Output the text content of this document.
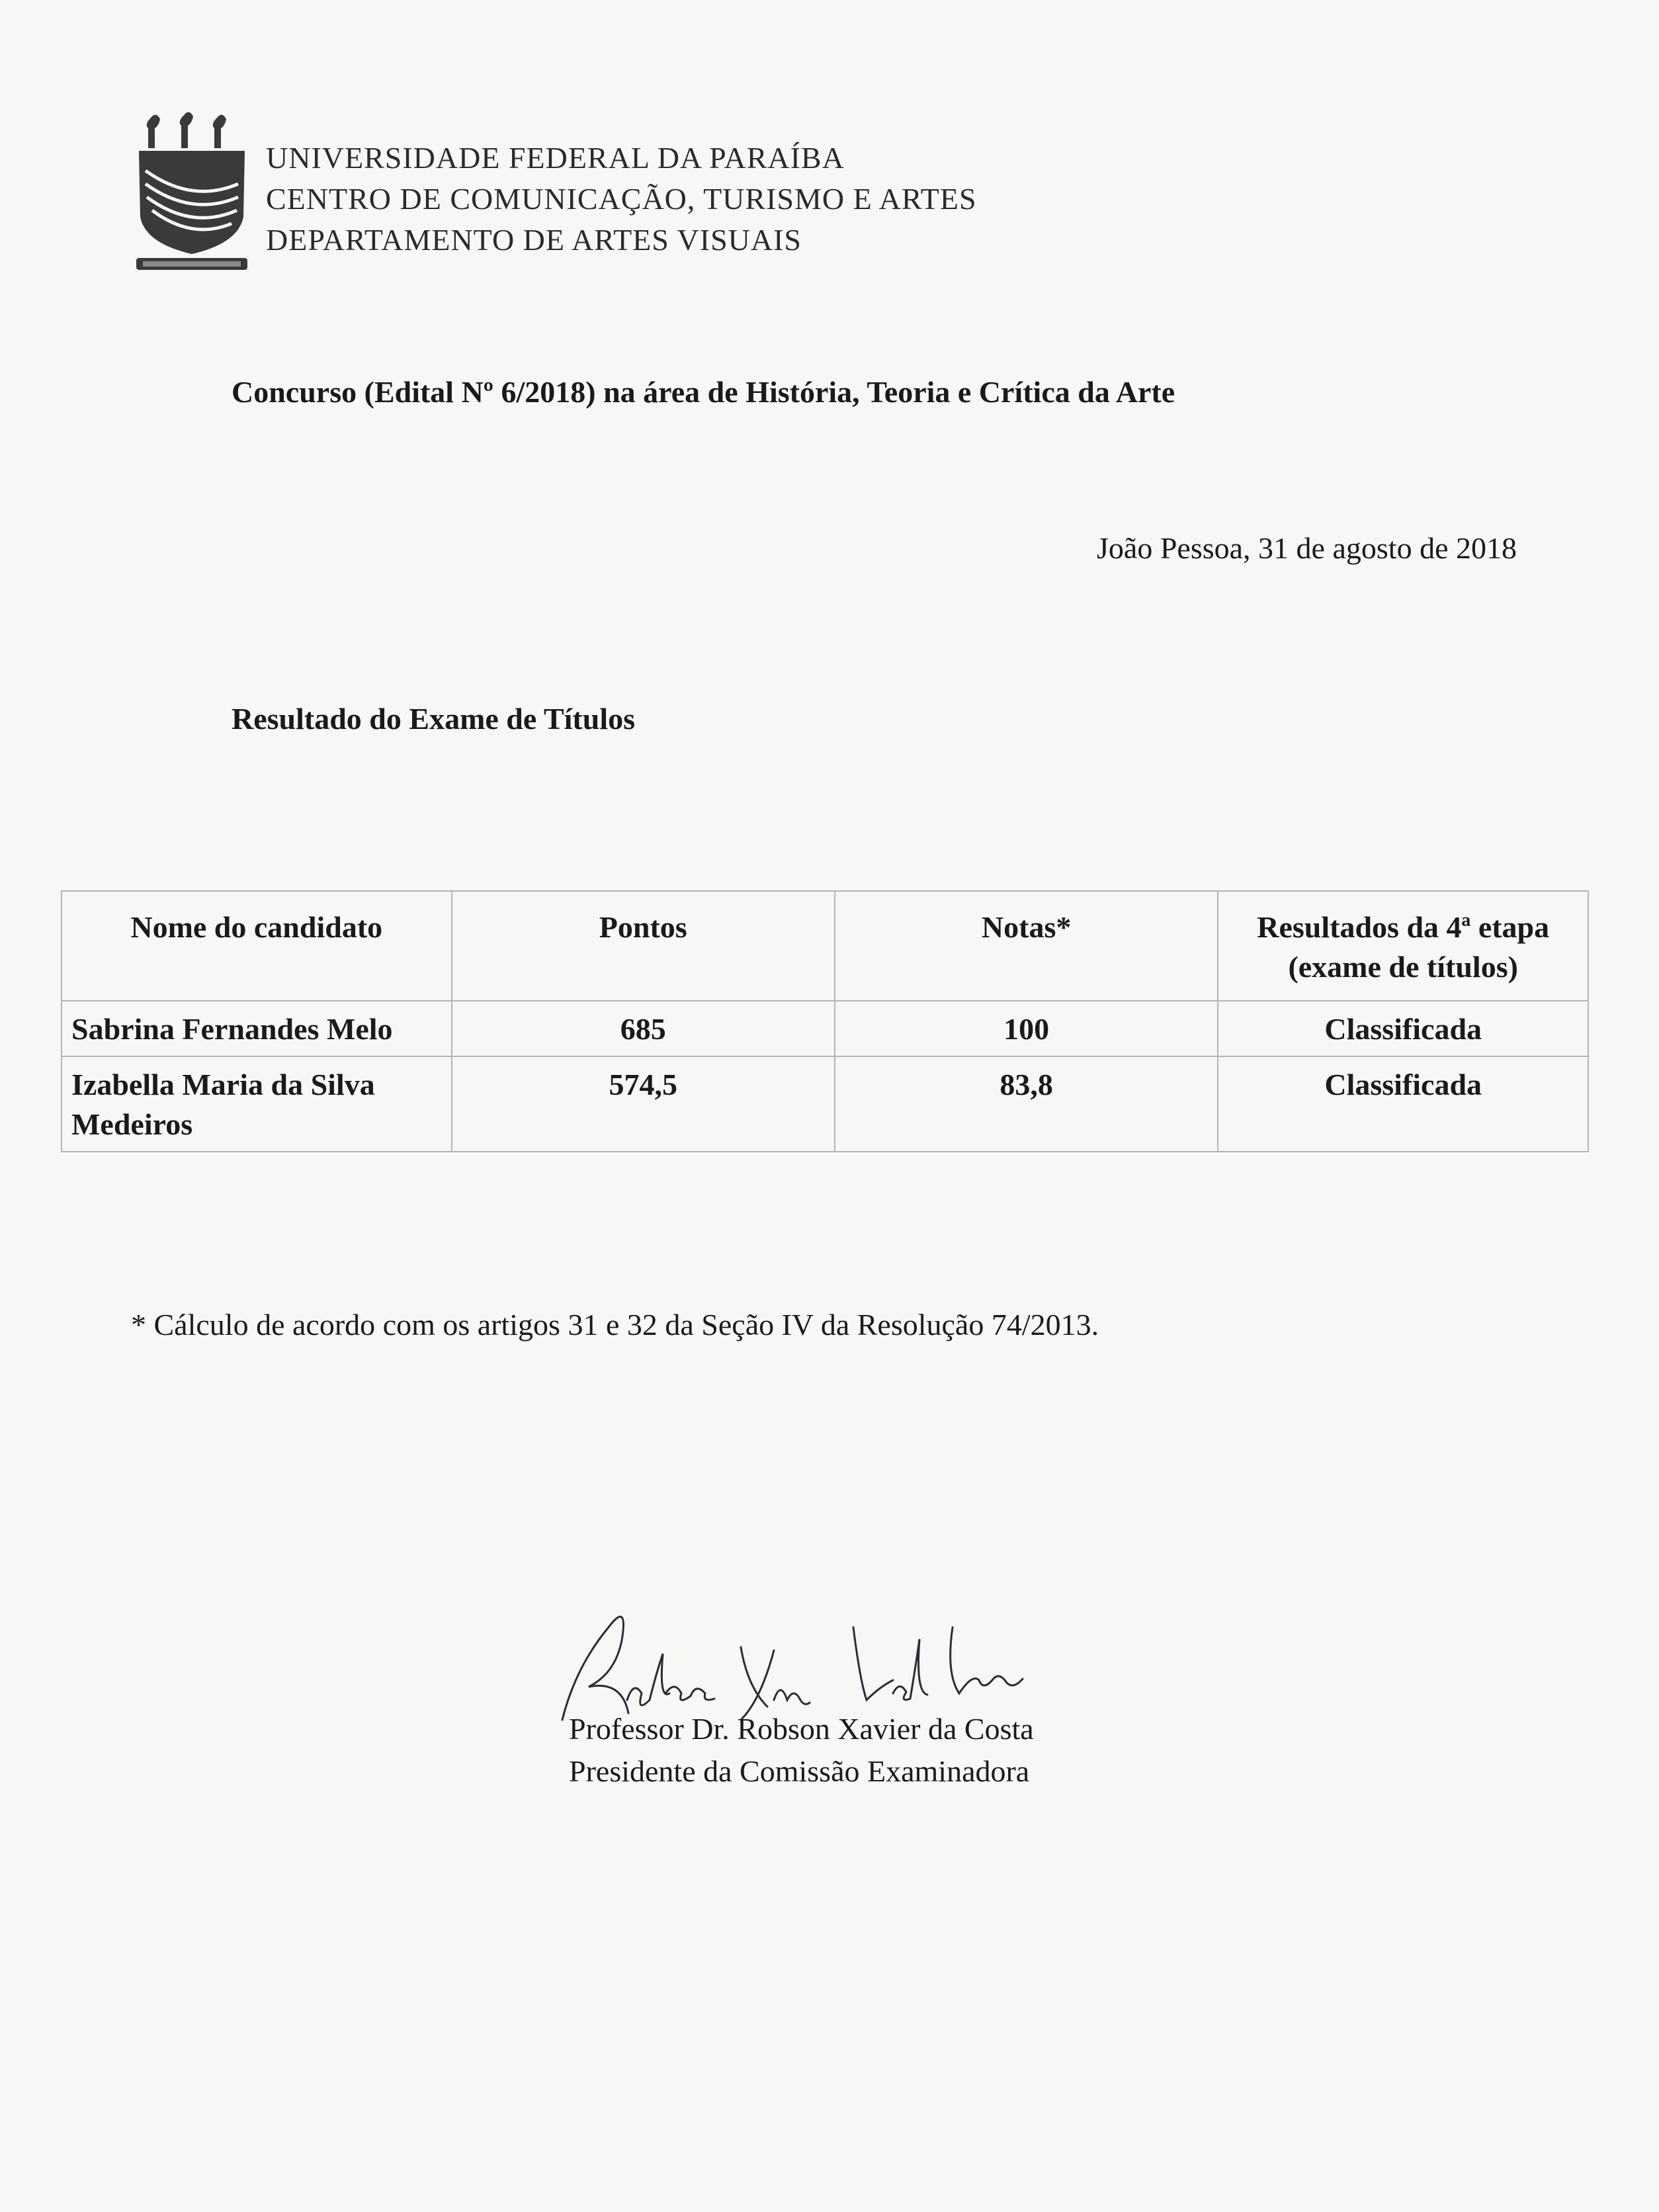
UNIVERSIDADE FEDERAL DA PARAÍBA
CENTRO DE COMUNICAÇÃO, TURISMO E ARTES
DEPARTAMENTO DE ARTES VISUAIS
Concurso (Edital Nº 6/2018) na área de História, Teoria e Crítica da Arte
João Pessoa, 31 de agosto de 2018
Resultado do Exame de Títulos
Nome do candidato	Pontos	Notas*	Resultados da 4ª etapa (exame de títulos)
Sabrina Fernandes Melo	685	100	Classificada
Izabella Maria da Silva Medeiros	574,5	83,8	Classificada
* Cálculo de acordo com os artigos 31 e 32 da Seção IV da Resolução 74/2013.
Professor Dr. Robson Xavier da Costa
Presidente da Comissão Examinadora
